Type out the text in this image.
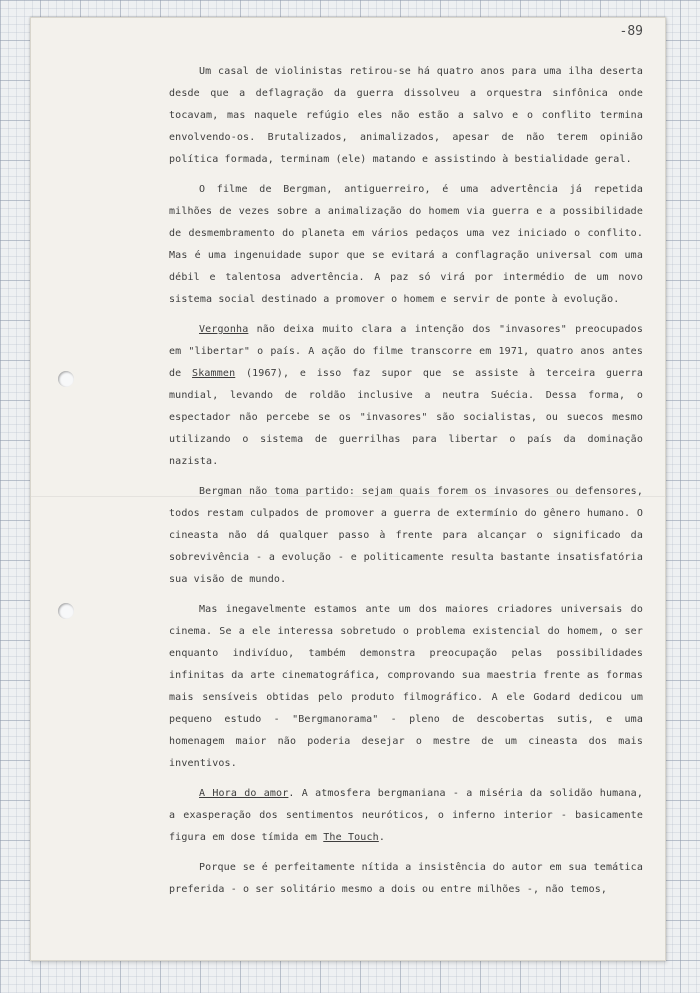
-89

Um casal de violinistas retirou-se há quatro anos para uma ilha deserta desde que a deflagração da guerra dissolveu a orquestra sinfônica onde tocavam, mas naquele refúgio eles não estão a salvo e o conflito termina envolvendo-os. Brutalizados, animalizados, apesar de não terem opinião política formada, terminam (ele) matando e assistindo à bestialidade geral.

O filme de Bergman, antiguerreiro, é uma advertência já repetida milhões de vezes sobre a animalização do homem via guerra e a possibilidade de desmembramento do planeta em vários pedaços uma vez iniciado o conflito. Mas é uma ingenuidade supor que se evitará a conflagração universal com uma débil e talentosa advertência. A paz só virá por intermédio de um novo sistema social destinado a promover o homem e servir de ponte à evolução.

Vergonha não deixa muito clara a intenção dos "invasores" preocupados em "libertar" o país. A ação do filme transcorre em 1971, quatro anos antes de Skammen (1967), e isso faz supor que se assiste à terceira guerra mundial, levando de roldão inclusive a neutra Suécia. Dessa forma, o espectador não percebe se os "invasores" são socialistas, ou suecos mesmo utilizando o sistema de guerrilhas para libertar o país da dominação nazista.

Bergman não toma partido: sejam quais forem os invasores ou defensores, todos restam culpados de promover a guerra de extermínio do gênero humano. O cineasta não dá qualquer passo à frente para alcançar o significado da sobrevivência - a evolução - e politicamente resulta bastante insatisfatória sua visão de mundo.

Mas inegavelmente estamos ante um dos maiores criadores universais do cinema. Se a ele interessa sobretudo o problema existencial do homem, o ser enquanto indivíduo, também demonstra preocupação pelas possibilidades infinitas da arte cinematográfica, comprovando sua maestria frente as formas mais sensíveis obtidas pelo produto filmográfico. A ele Godard dedicou um pequeno estudo - "Bergmanorama" - pleno de descobertas sutis, e uma homenagem maior não poderia desejar o mestre de um cineasta dos mais inventivos.

A Hora do amor. A atmosfera bergmaniana - a miséria da solidão humana, a exasperação dos sentimentos neuróticos, o inferno interior - basicamente figura em dose tímida em The Touch.

Porque se é perfeitamente nítida a insistência do autor em sua temática preferida - o ser solitário mesmo a dois ou entre milhões -, não temos,
